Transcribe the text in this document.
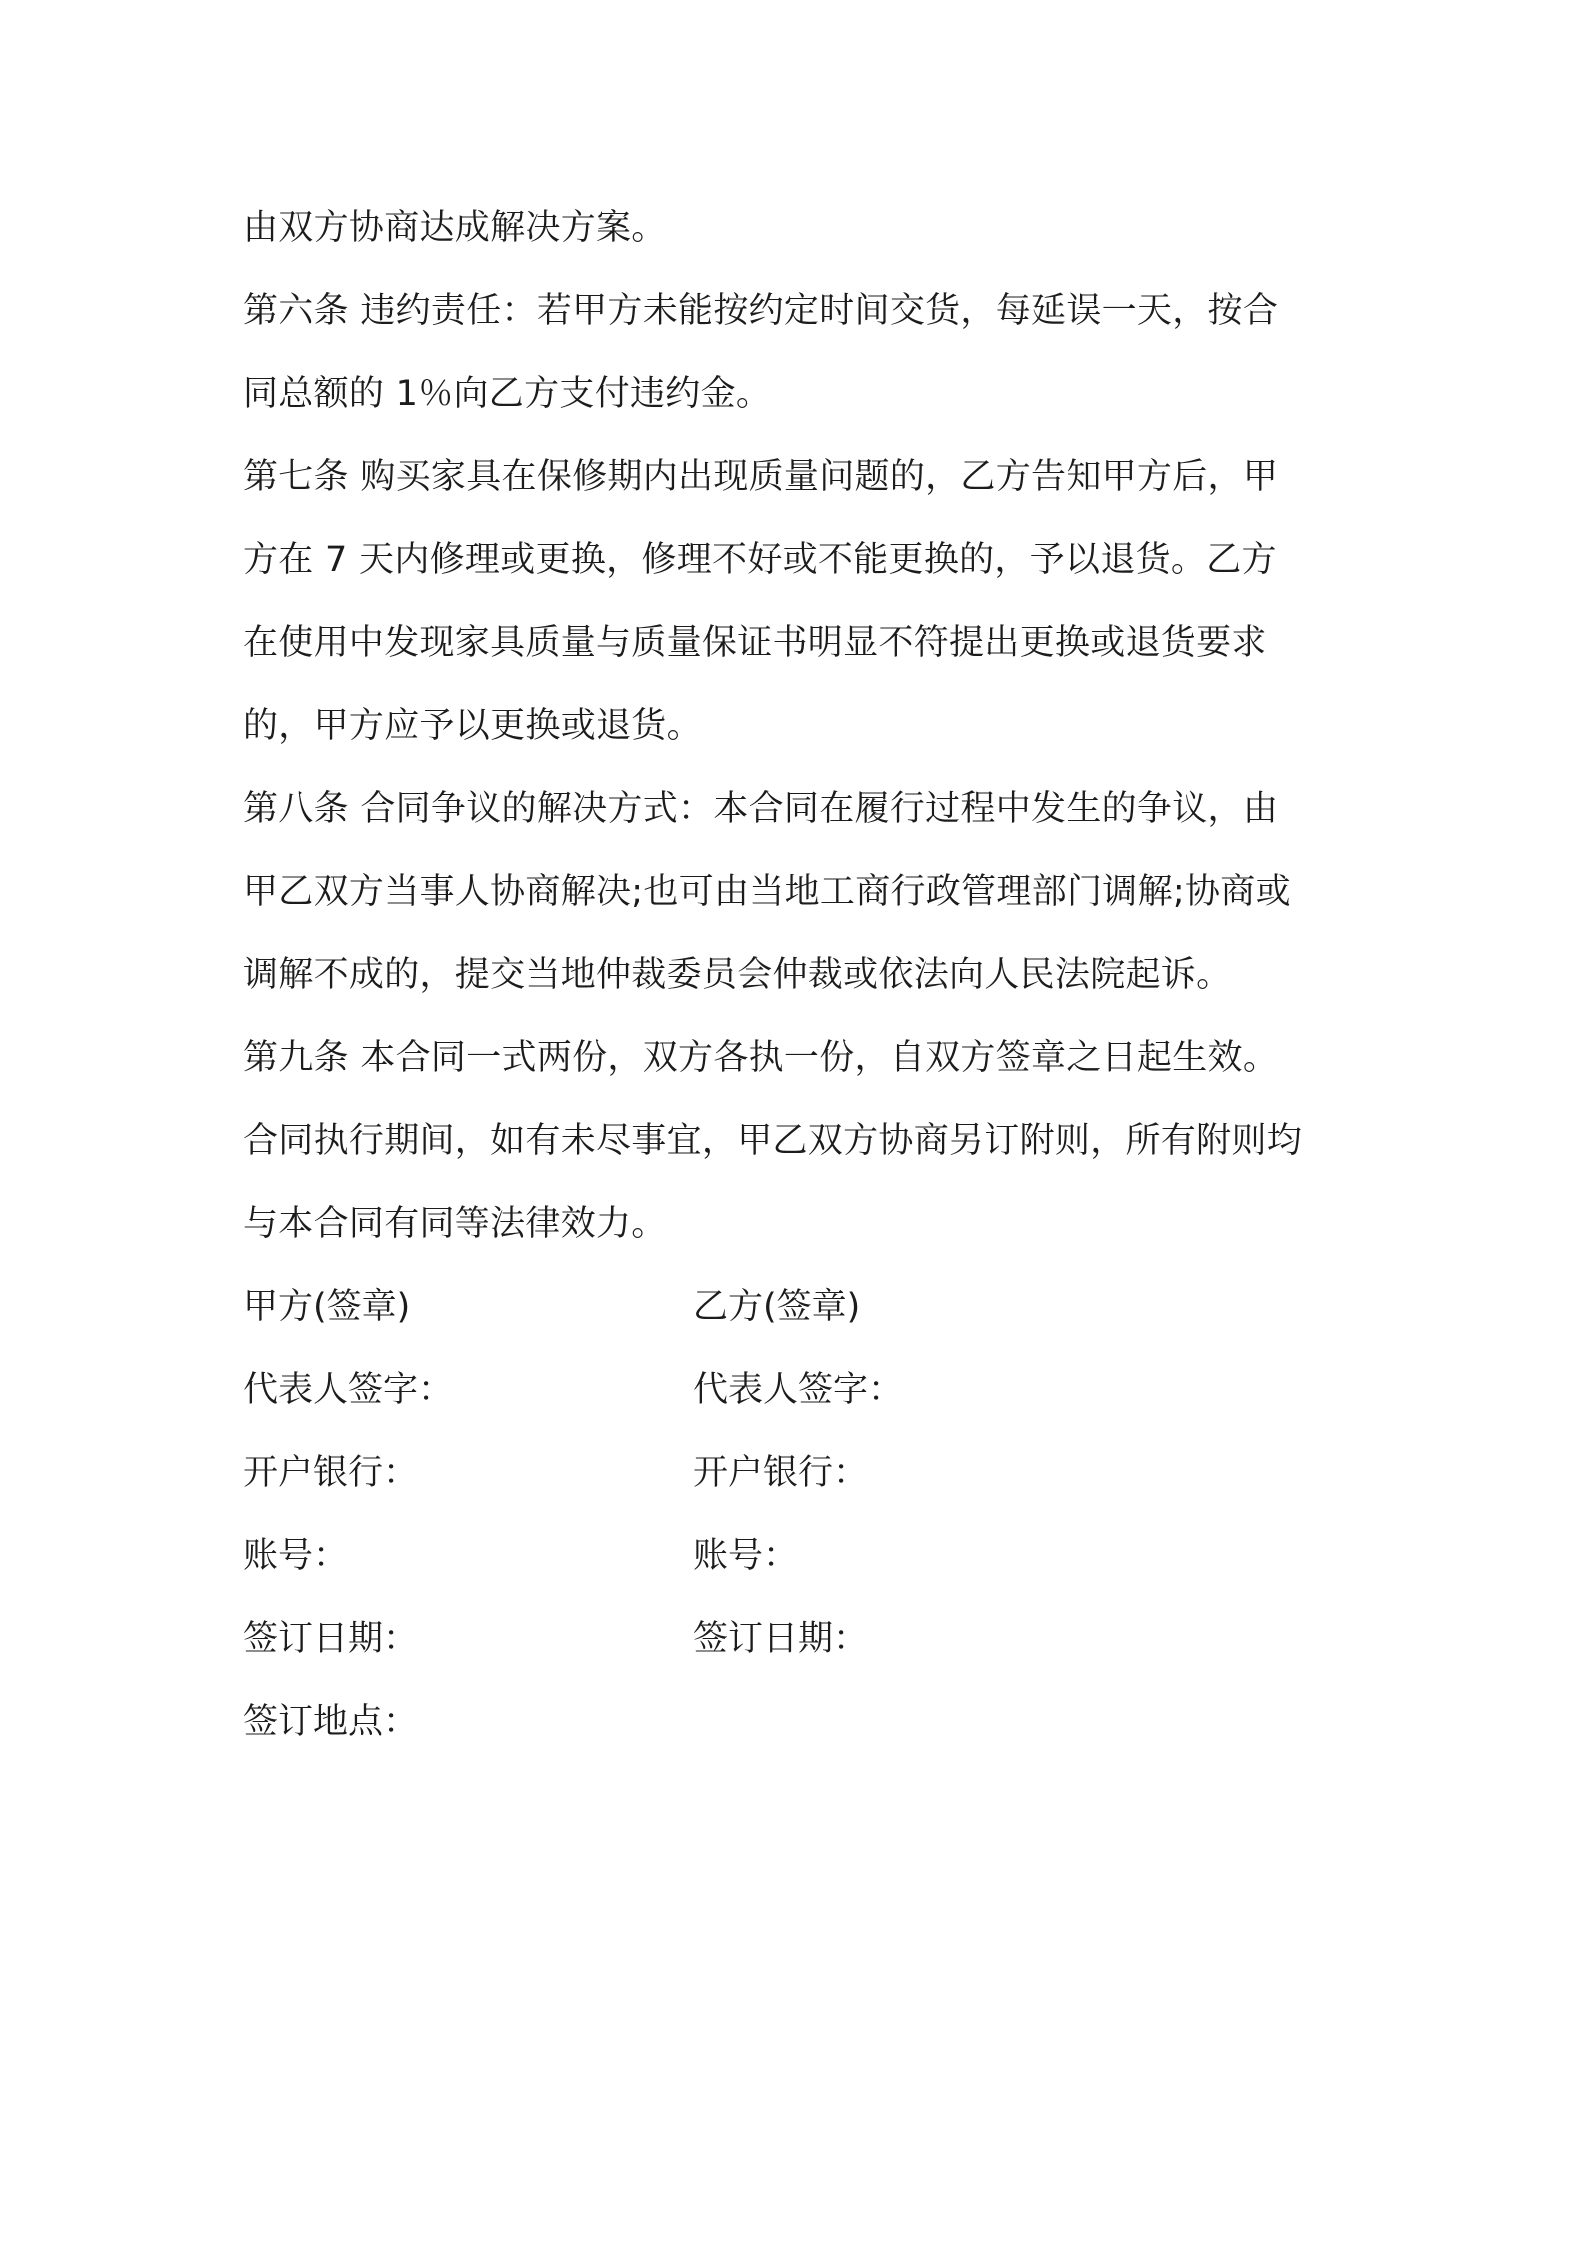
由双方协商达成解决方案。

第六条 违约责任：若甲方未能按约定时间交货，每延误一天，按合

同总额的 1％向乙方支付违约金。

第七条 购买家具在保修期内出现质量问题的，乙方告知甲方后，甲

方在 7 天内修理或更换，修理不好或不能更换的，予以退货。乙方

在使用中发现家具质量与质量保证书明显不符提出更换或退货要求

的，甲方应予以更换或退货。

第八条 合同争议的解决方式：本合同在履行过程中发生的争议，由

甲乙双方当事人协商解决;也可由当地工商行政管理部门调解;协商或

调解不成的，提交当地仲裁委员会仲裁或依法向人民法院起诉。

第九条 本合同一式两份，双方各执一份，自双方签章之日起生效。

合同执行期间，如有未尽事宜，甲乙双方协商另订附则，所有附则均

与本合同有同等法律效力。

甲方(签章)	乙方(签章)

代表人签字：	代表人签字：

开户银行：	开户银行：

账号：	账号：

签订日期：	签订日期：

签订地点：
